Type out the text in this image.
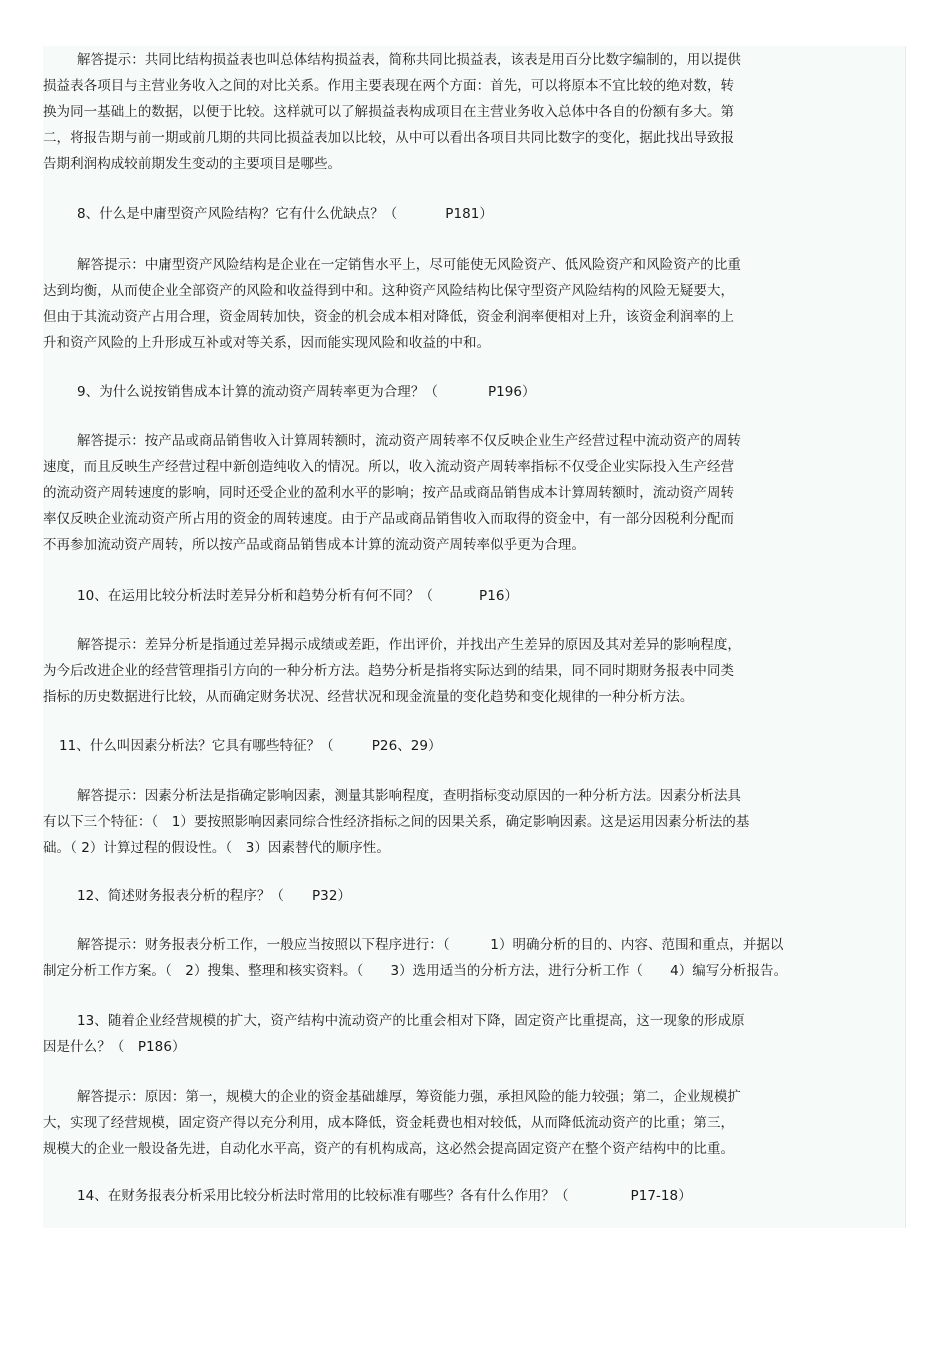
解答提示：共同比结构损益表也叫总体结构损益表，简称共同比损益表，该表是用百分比数字编制的，用以提供
损益表各项目与主营业务收入之间的对比关系。作用主要表现在两个方面：首先，可以将原本不宜比较的绝对数，转
换为同一基础上的数据，以便于比较。这样就可以了解损益表构成项目在主营业务收入总体中各自的份额有多大。第
二，将报告期与前一期或前几期的共同比损益表加以比较，从中可以看出各项目共同比数字的变化，据此找出导致报
告期利润构成较前期发生变动的主要项目是哪些。
8、什么是中庸型资产风险结构？它有什么优缺点？（	P181）
解答提示：中庸型资产风险结构是企业在一定销售水平上，尽可能使无风险资产、低风险资产和风险资产的比重
达到均衡，从而使企业全部资产的风险和收益得到中和。这种资产风险结构比保守型资产风险结构的风险无疑要大，
但由于其流动资产占用合理，资金周转加快，资金的机会成本相对降低，资金利润率便相对上升，该资金利润率的上
升和资产风险的上升形成互补或对等关系，因而能实现风险和收益的中和。
9、为什么说按销售成本计算的流动资产周转率更为合理？（	P196）
解答提示：按产品或商品销售收入计算周转额时，流动资产周转率不仅反映企业生产经营过程中流动资产的周转
速度，而且反映生产经营过程中新创造纯收入的情况。所以，收入流动资产周转率指标不仅受企业实际投入生产经营
的流动资产周转速度的影响，同时还受企业的盈利水平的影响；按产品或商品销售成本计算周转额时，流动资产周转
率仅反映企业流动资产所占用的资金的周转速度。由于产品或商品销售收入而取得的资金中，有一部分因税利分配而
不再参加流动资产周转，所以按产品或商品销售成本计算的流动资产周转率似乎更为合理。
10、在运用比较分析法时差异分析和趋势分析有何不同？（	P16）
解答提示：差异分析是指通过差异揭示成绩或差距，作出评价，并找出产生差异的原因及其对差异的影响程度，
为今后改进企业的经营管理指引方向的一种分析方法。趋势分析是指将实际达到的结果，同不同时期财务报表中同类
指标的历史数据进行比较，从而确定财务状况、经营状况和现金流量的变化趋势和变化规律的一种分析方法。
11、什么叫因素分析法？它具有哪些特征？（	P26、29）
解答提示：因素分析法是指确定影响因素，测量其影响程度，查明指标变动原因的一种分析方法。因素分析法具
有以下三个特征：（　1）要按照影响因素同综合性经济指标之间的因果关系，确定影响因素。这是运用因素分析法的基
础。（ 2）计算过程的假设性。（　3）因素替代的顺序性。
12、简述财务报表分析的程序？（ P32）
解答提示：财务报表分析工作，一般应当按照以下程序进行：（　　　1）明确分析的目的、内容、范围和重点，并据以
制定分析工作方案。（　2）搜集、整理和核实资料。（　　3）选用适当的分析方法，进行分析工作（　　4）编写分析报告。
13、随着企业经营规模的扩大，资产结构中流动资产的比重会相对下降，固定资产比重提高，这一现象的形成原
因是什么？（　P186）
解答提示：原因：第一，规模大的企业的资金基础雄厚，筹资能力强，承担风险的能力较强；第二，企业规模扩
大，实现了经营规模，固定资产得以充分利用，成本降低，资金耗费也相对较低，从而降低流动资产的比重；第三，
规模大的企业一般设备先进，自动化水平高，资产的有机构成高，这必然会提高固定资产在整个资产结构中的比重。
14、在财务报表分析采用比较分析法时常用的比较标准有哪些？各有什么作用？（	P17-18）
